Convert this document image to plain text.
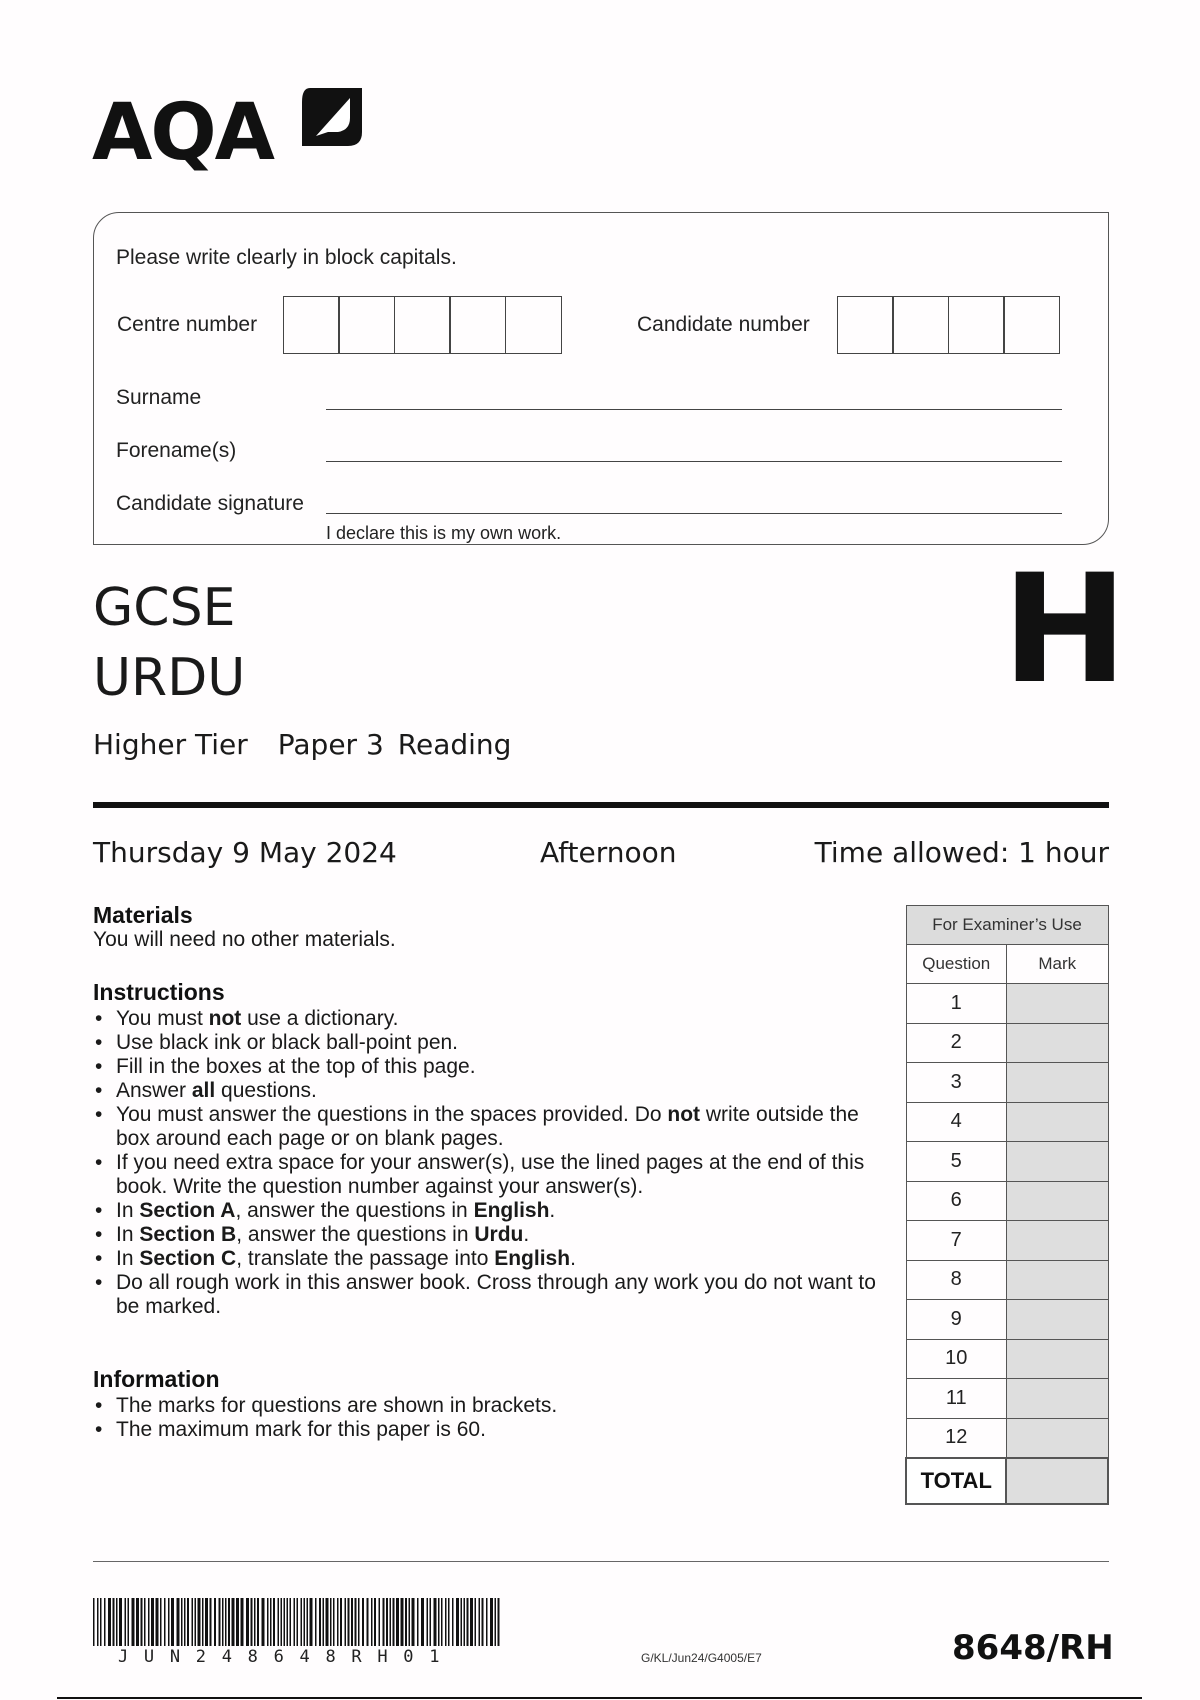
AQA
Please write clearly in block capitals.
Centre number	Candidate number
Surname
Forename(s)
Candidate signature
I declare this is my own work.
GCSE
URDU
Higher Tier Paper 3 Reading
H
Thursday 9 May 2024	Afternoon	Time allowed: 1 hour
Materials
You will need no other materials.
Instructions
• You must not use a dictionary.
• Use black ink or black ball-point pen.
• Fill in the boxes at the top of this page.
• Answer all questions.
• You must answer the questions in the spaces provided. Do not write outside the box around each page or on blank pages.
• If you need extra space for your answer(s), use the lined pages at the end of this book. Write the question number against your answer(s).
• In Section A, answer the questions in English.
• In Section B, answer the questions in Urdu.
• In Section C, translate the passage into English.
• Do all rough work in this answer book. Cross through any work you do not want to be marked.
Information
• The marks for questions are shown in brackets.
• The maximum mark for this paper is 60.
For Examiner’s Use	
Question	Mark
1	
2	
3	
4	
5	
6	
7	
8	
9	
10	
11	
12	
TOTAL	
JUN248648RH01	G/KL/Jun24/G4005/E7	8648/RH
